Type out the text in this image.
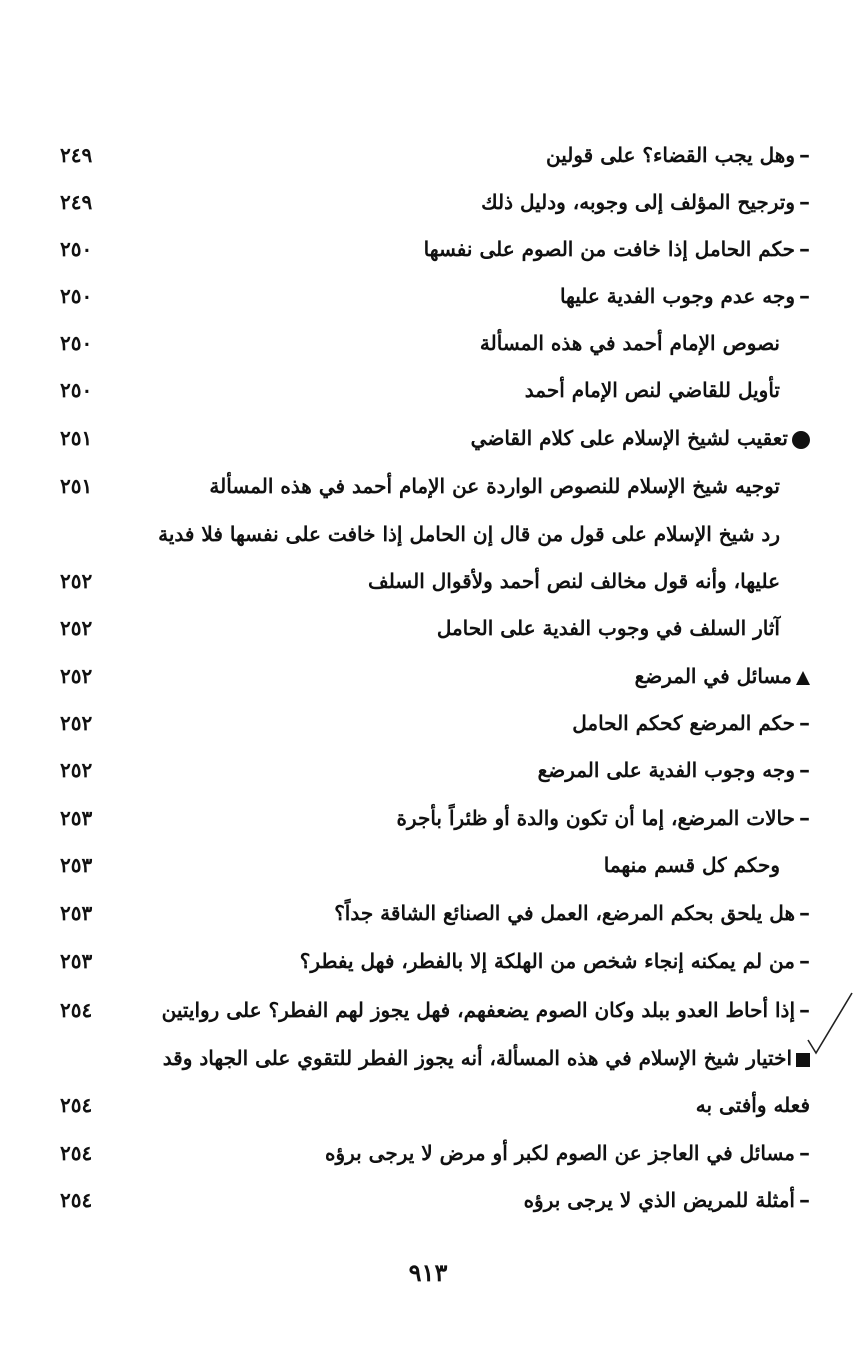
٢٤٩	–وهل يجب القضاء؟ على قولين
٢٤٩	–وترجيح المؤلف إلى وجوبه، ودليل ذلك
٢٥٠	–حكم الحامل إذا خافت من الصوم على نفسها
٢٥٠	–وجه عدم وجوب الفدية عليها
٢٥٠	نصوص الإمام أحمد في هذه المسألة
٢٥٠	تأويل للقاضي لنص الإمام أحمد
٢٥١	تعقيب لشيخ الإسلام على كلام القاضي
٢٥١	توجيه شيخ الإسلام للنصوص الواردة عن الإمام أحمد في هذه المسألة
رد شيخ الإسلام على قول من قال إن الحامل إذا خافت على نفسها فلا فدية
٢٥٢	عليها، وأنه قول مخالف لنص أحمد ولأقوال السلف
٢٥٢	آثار السلف في وجوب الفدية على الحامل
٢٥٢	مسائل في المرضع
٢٥٢	–حكم المرضع كحكم الحامل
٢٥٢	–وجه وجوب الفدية على المرضع
٢٥٣	–حالات المرضع، إما أن تكون والدة أو ظئراً بأجرة
٢٥٣	وحكم كل قسم منهما
٢٥٣	–هل يلحق بحكم المرضع، العمل في الصنائع الشاقة جداً؟
٢٥٣	–من لم يمكنه إنجاء شخص من الهلكة إلا بالفطر، فهل يفطر؟
٢٥٤	–إذا أحاط العدو ببلد وكان الصوم يضعفهم، فهل يجوز لهم الفطر؟ على روايتين
اختيار شيخ الإسلام في هذه المسألة، أنه يجوز الفطر للتقوي على الجهاد وقد
٢٥٤	فعله وأفتى به
٢٥٤	–مسائل في العاجز عن الصوم لكبر أو مرض لا يرجى برؤه
٢٥٤	–أمثلة للمريض الذي لا يرجى برؤه
٩١٣
